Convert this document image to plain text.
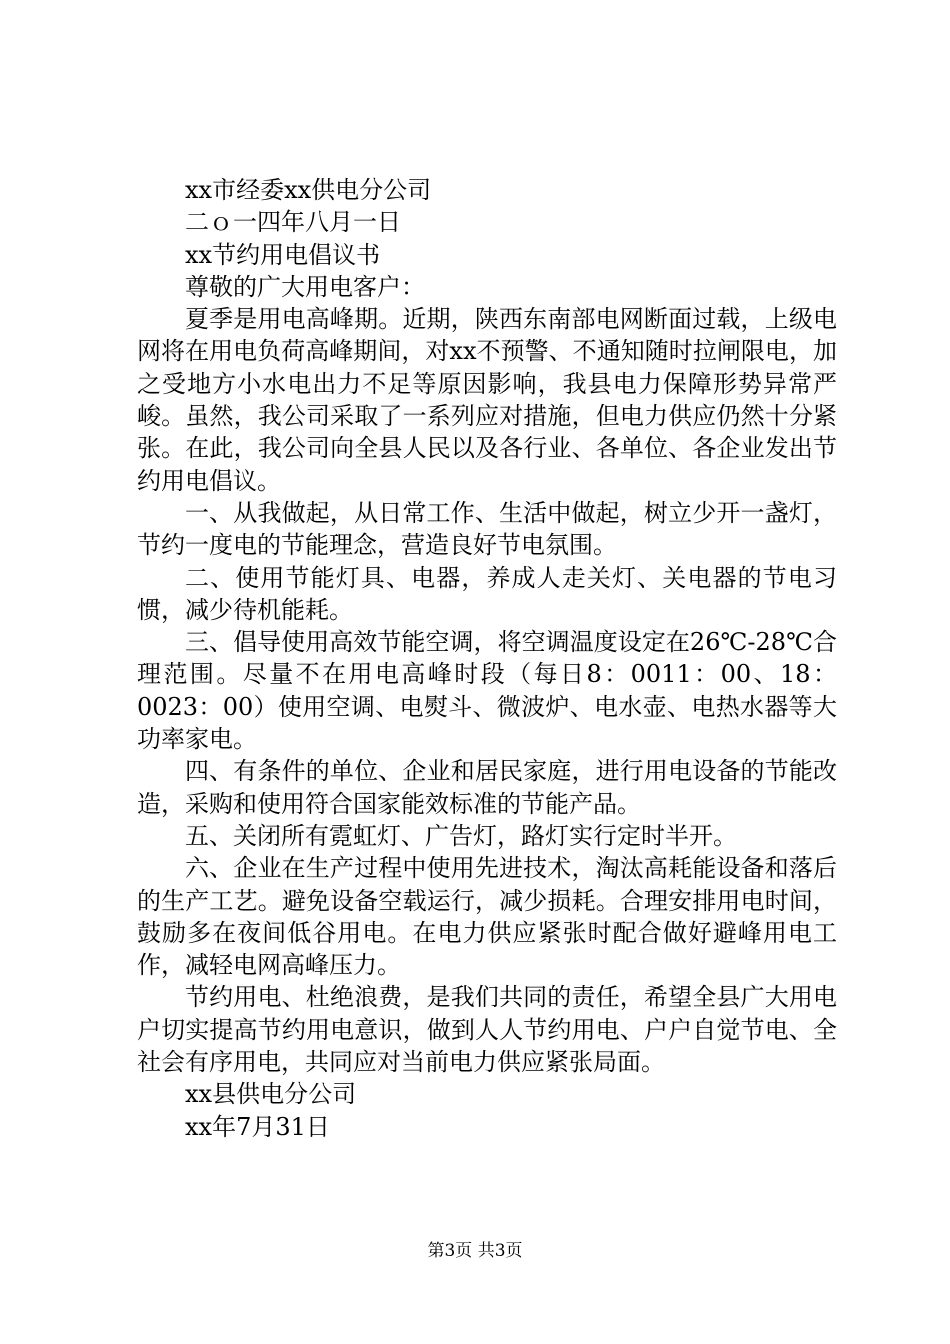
xx市经委xx供电分公司

二ｏ一四年八月一日

xx节约用电倡议书

尊敬的广大用电客户：

夏季是用电高峰期。近期，陕西东南部电网断面过载，上级电网将在用电负荷高峰期间，对xx不预警、不通知随时拉闸限电，加之受地方小水电出力不足等原因影响，我县电力保障形势异常严峻。虽然，我公司采取了一系列应对措施，但电力供应仍然十分紧张。在此，我公司向全县人民以及各行业、各单位、各企业发出节约用电倡议。

一、从我做起，从日常工作、生活中做起，树立少开一盏灯，节约一度电的节能理念，营造良好节电氛围。

二、使用节能灯具、电器，养成人走关灯、关电器的节电习惯，减少待机能耗。

三、倡导使用高效节能空调，将空调温度设定在26℃-28℃合理范围。尽量不在用电高峰时段（每日8：0011：00、18：0023：00）使用空调、电熨斗、微波炉、电水壶、电热水器等大功率家电。

四、有条件的单位、企业和居民家庭，进行用电设备的节能改造，采购和使用符合国家能效标准的节能产品。

五、关闭所有霓虹灯、广告灯，路灯实行定时半开。

六、企业在生产过程中使用先进技术，淘汰高耗能设备和落后的生产工艺。避免设备空载运行，减少损耗。合理安排用电时间，鼓励多在夜间低谷用电。在电力供应紧张时配合做好避峰用电工作，减轻电网高峰压力。

节约用电、杜绝浪费，是我们共同的责任，希望全县广大用电户切实提高节约用电意识，做到人人节约用电、户户自觉节电、全社会有序用电，共同应对当前电力供应紧张局面。

xx县供电分公司

xx年7月31日

第3页 共3页
